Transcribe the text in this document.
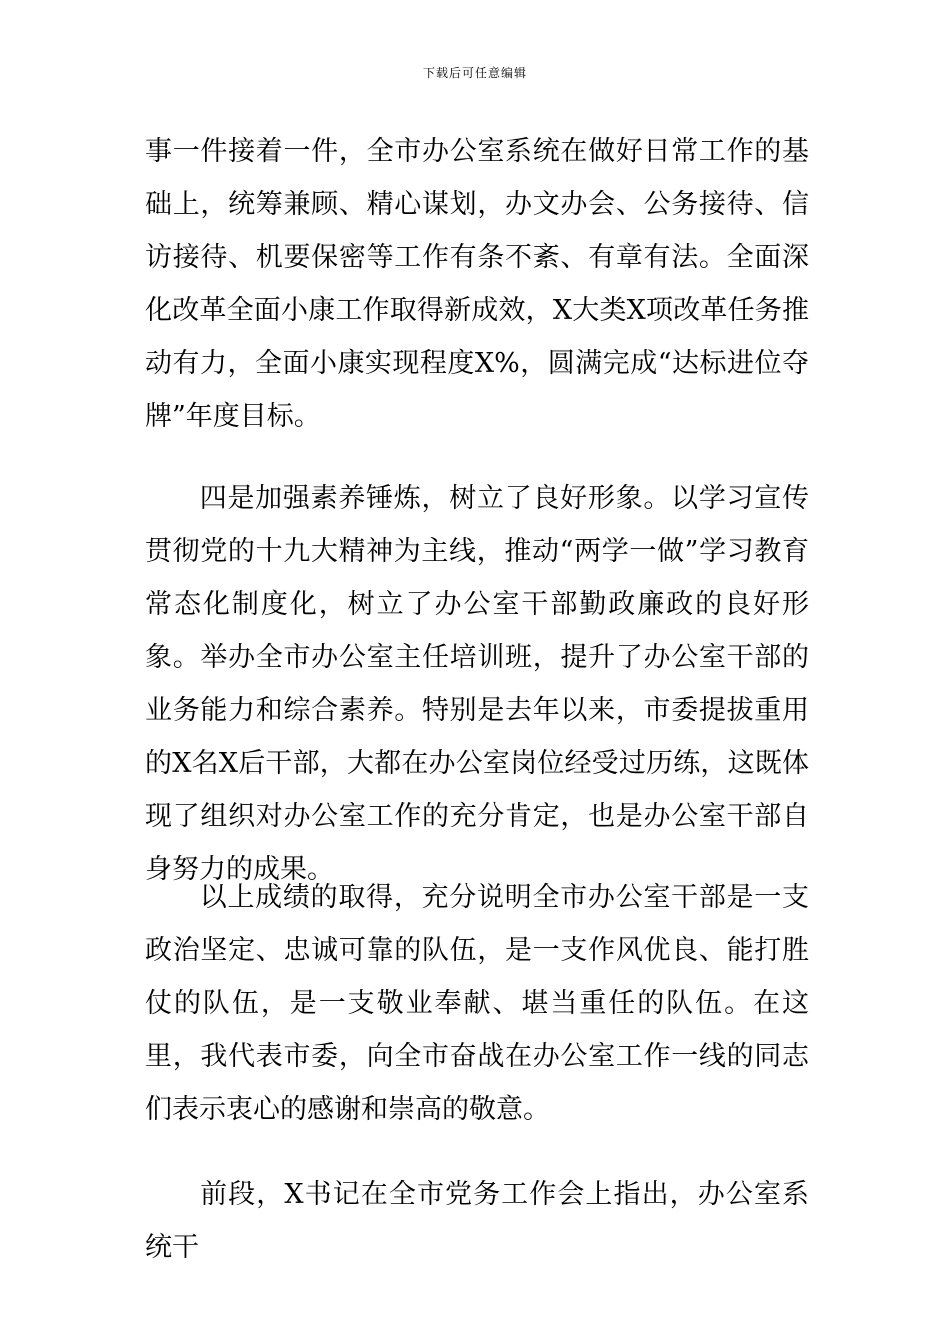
下载后可任意编辑

事一件接着一件，全市办公室系统在做好日常工作的基础上，统筹兼顾、精心谋划，办文办会、公务接待、信访接待、机要保密等工作有条不紊、有章有法。全面深化改革全面小康工作取得新成效，X大类X项改革任务推动有力，全面小康实现程度X%，圆满完成“达标进位夺牌”年度目标。

四是加强素养锤炼，树立了良好形象。以学习宣传贯彻党的十九大精神为主线，推动“两学一做”学习教育常态化制度化，树立了办公室干部勤政廉政的良好形象。举办全市办公室主任培训班，提升了办公室干部的业务能力和综合素养。特别是去年以来，市委提拔重用的X名X后干部，大都在办公室岗位经受过历练，这既体现了组织对办公室工作的充分肯定，也是办公室干部自身努力的成果。

以上成绩的取得，充分说明全市办公室干部是一支政治坚定、忠诚可靠的队伍，是一支作风优良、能打胜仗的队伍，是一支敬业奉献、堪当重任的队伍。在这里，我代表市委，向全市奋战在办公室工作一线的同志们表示衷心的感谢和崇高的敬意。

前段，X书记在全市党务工作会上指出，办公室系统干
